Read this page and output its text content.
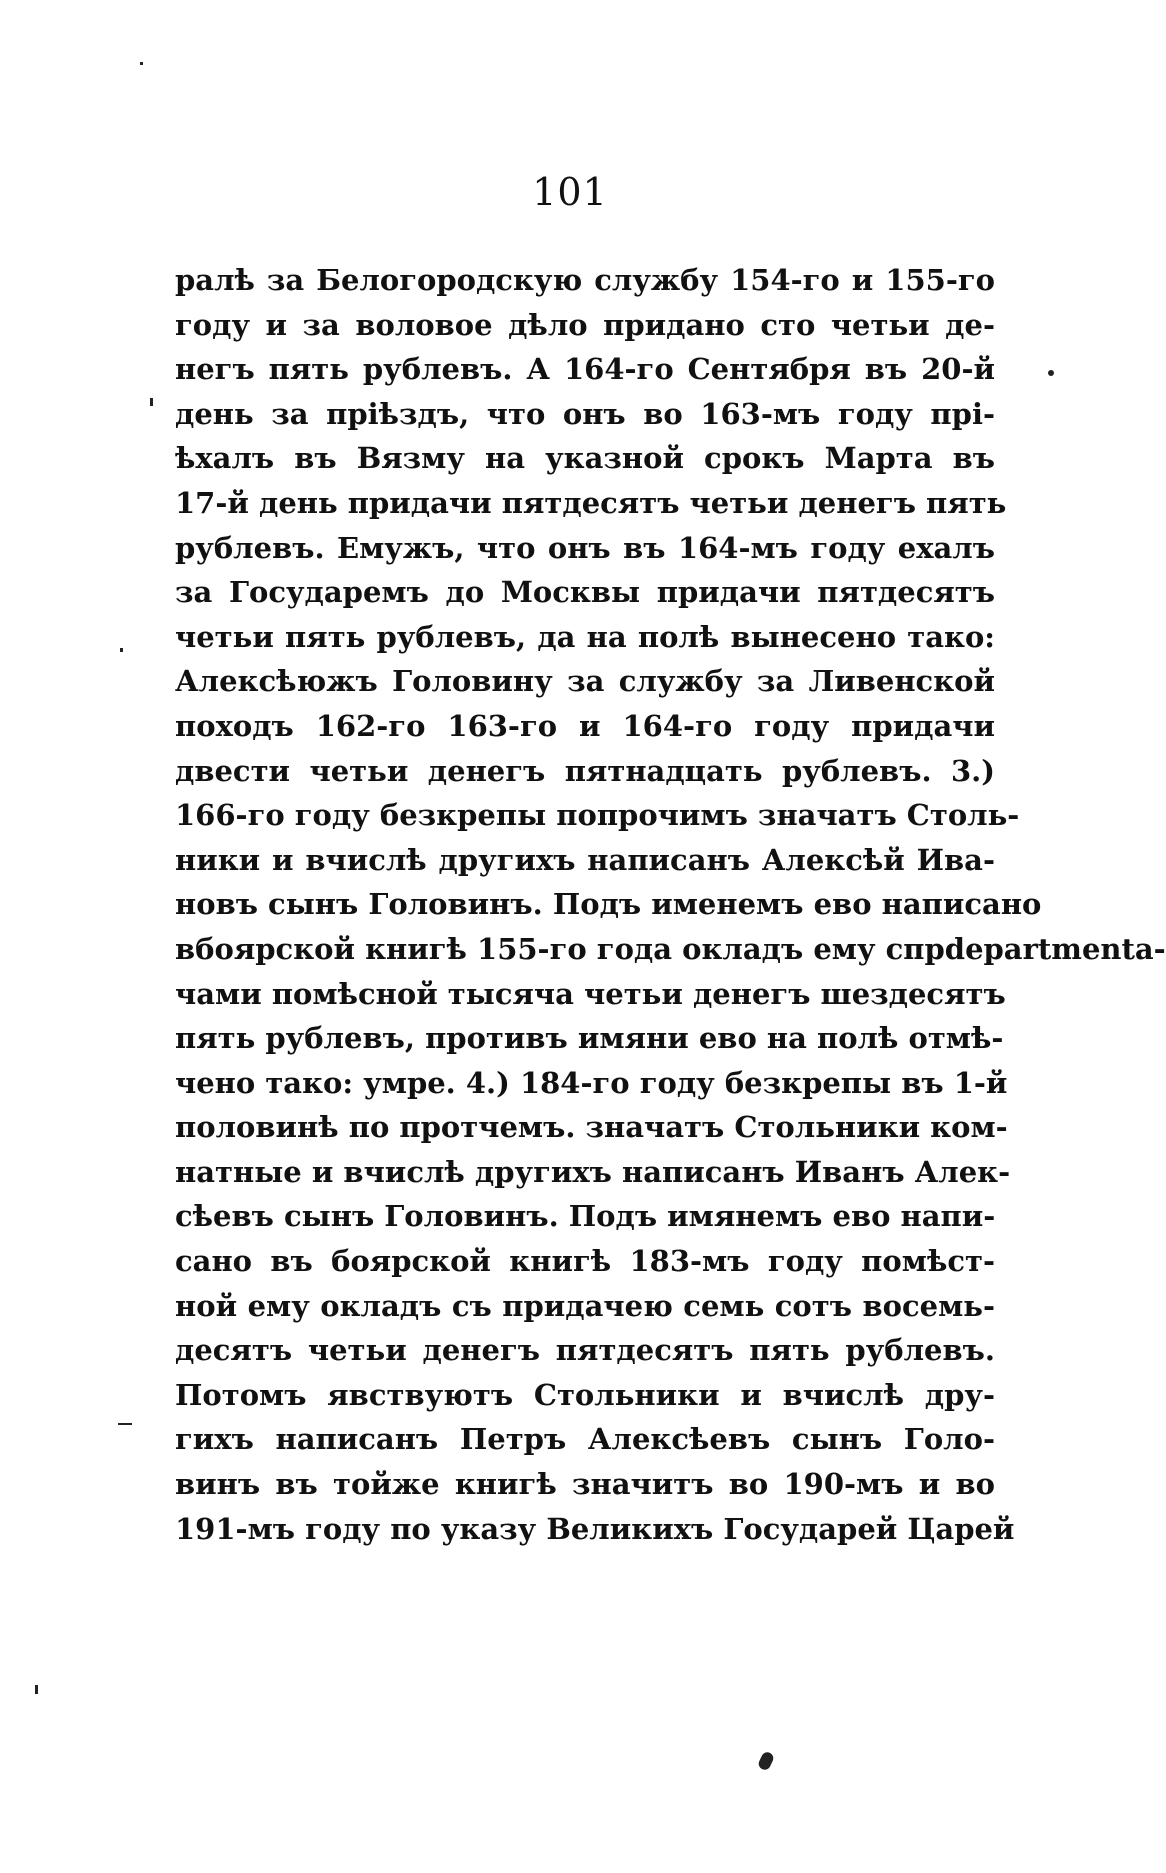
101
ралѣ за Белогородскую службу 154-го и 155-го
году и за воловое дѣло придано сто четьи де-
негъ пять рублевъ. А 164-го Сентября въ 20-й
день за пріѣздъ, что онъ во 163-мъ году прі-
ѣхалъ въ Вязму на указной срокъ Марта въ
17-й день придачи пятдесятъ четьи денегъ пять
рублевъ. Емужъ, что онъ въ 164-мъ году ехалъ
за Государемъ до Москвы придачи пятдесятъ
четьи пять рублевъ, да на полѣ вынесено тако:
Алексѣюжъ Головину за службу за Ливенской
походъ 162-го 163-го и 164-го году придачи
двести четьи денегъ пятнадцать рублевъ. 3.)
166-го году безкрепы попрочимъ значатъ Столь-
ники и вчислѣ другихъ написанъ Алексѣй Ива-
новъ сынъ Головинъ. Подъ именемъ ево написано
вбоярской книгѣ 155-го года окладъ ему спрdepartmentа-
чами помѣсной тысяча четьи денегъ шездесятъ
пять рублевъ, противъ имяни ево на полѣ отмѣ-
чено тако: умре. 4.) 184-го году безкрепы въ 1-й
половинѣ по протчемъ. значатъ Стольники ком-
натные и вчислѣ другихъ написанъ Иванъ Алек-
сѣевъ сынъ Головинъ. Подъ имянемъ ево напи-
сано въ боярской книгѣ 183-мъ году помѣст-
ной ему окладъ съ придачею семь сотъ восемь-
десятъ четьи денегъ пятдесятъ пять рублевъ.
Потомъ явствуютъ Стольники и вчислѣ дру-
гихъ написанъ Петръ Алексѣевъ сынъ Голо-
винъ въ тойже книгѣ значитъ во 190-мъ и во
191-мъ году по указу Великихъ Государей Царей
